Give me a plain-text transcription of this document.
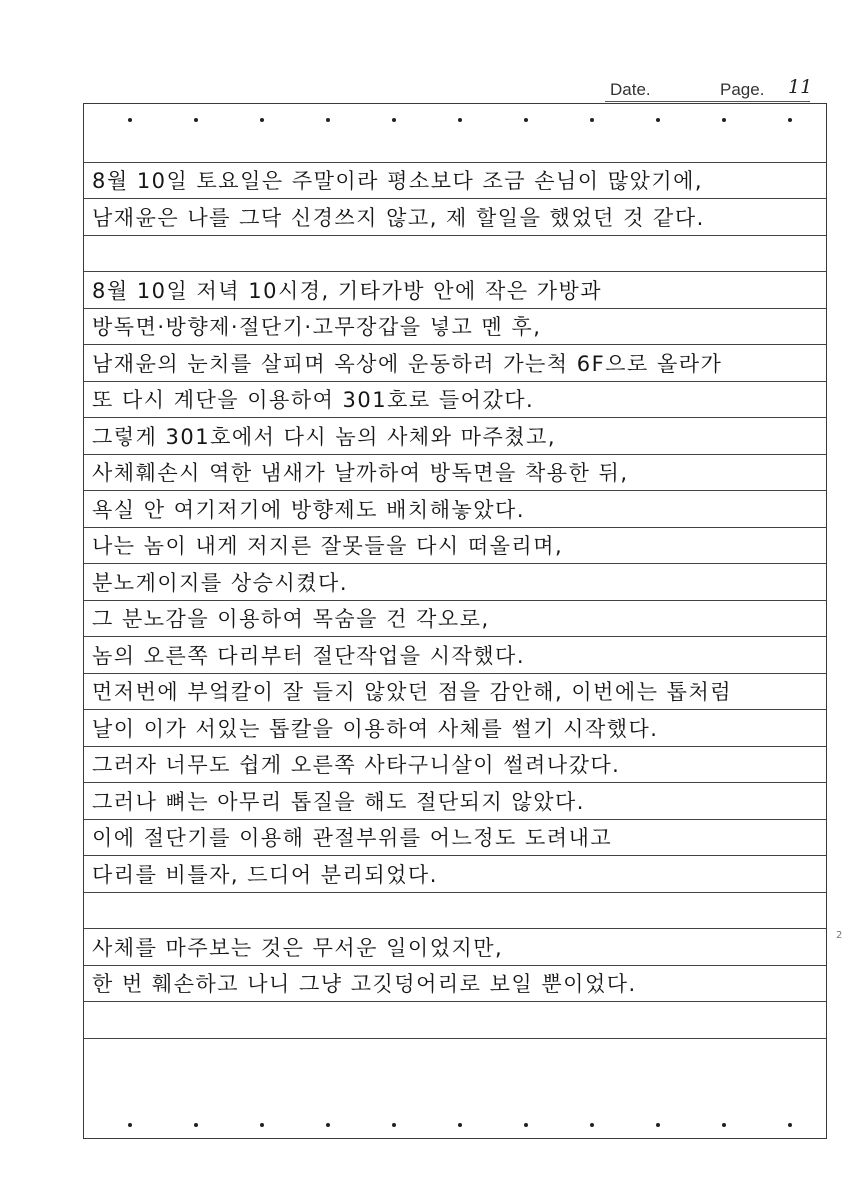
Date.	Page. 11
8월 10일 토요일은 주말이라 평소보다 조금 손님이 많았기에,
남재윤은 나를 그닥 신경쓰지 않고, 제 할일을 했었던 것 같다.
8월 10일 저녁 10시경, 기타가방 안에 작은 가방과
방독면·방향제·절단기·고무장갑을 넣고 멘 후,
남재윤의 눈치를 살피며 옥상에 운동하러 가는척 6F으로 올라가
또 다시 계단을 이용하여 301호로 들어갔다.
그렇게 301호에서 다시 놈의 사체와 마주쳤고,
사체훼손시 역한 냄새가 날까하여 방독면을 착용한 뒤,
욕실 안 여기저기에 방향제도 배치해놓았다.
나는 놈이 내게 저지른 잘못들을 다시 떠올리며,
분노게이지를 상승시켰다.
그 분노감을 이용하여 목숨을 건 각오로,
놈의 오른쪽 다리부터 절단작업을 시작했다.
먼저번에 부엌칼이 잘 들지 않았던 점을 감안해, 이번에는 톱처럼
날이 이가 서있는 톱칼을 이용하여 사체를 썰기 시작했다.
그러자 너무도 쉽게 오른쪽 사타구니살이 썰려나갔다.
그러나 뼈는 아무리 톱질을 해도 절단되지 않았다.
이에 절단기를 이용해 관절부위를 어느정도 도려내고
다리를 비틀자, 드디어 분리되었다.
사체를 마주보는 것은 무서운 일이었지만,
한 번 훼손하고 나니 그냥 고깃덩어리로 보일 뿐이었다.
2
